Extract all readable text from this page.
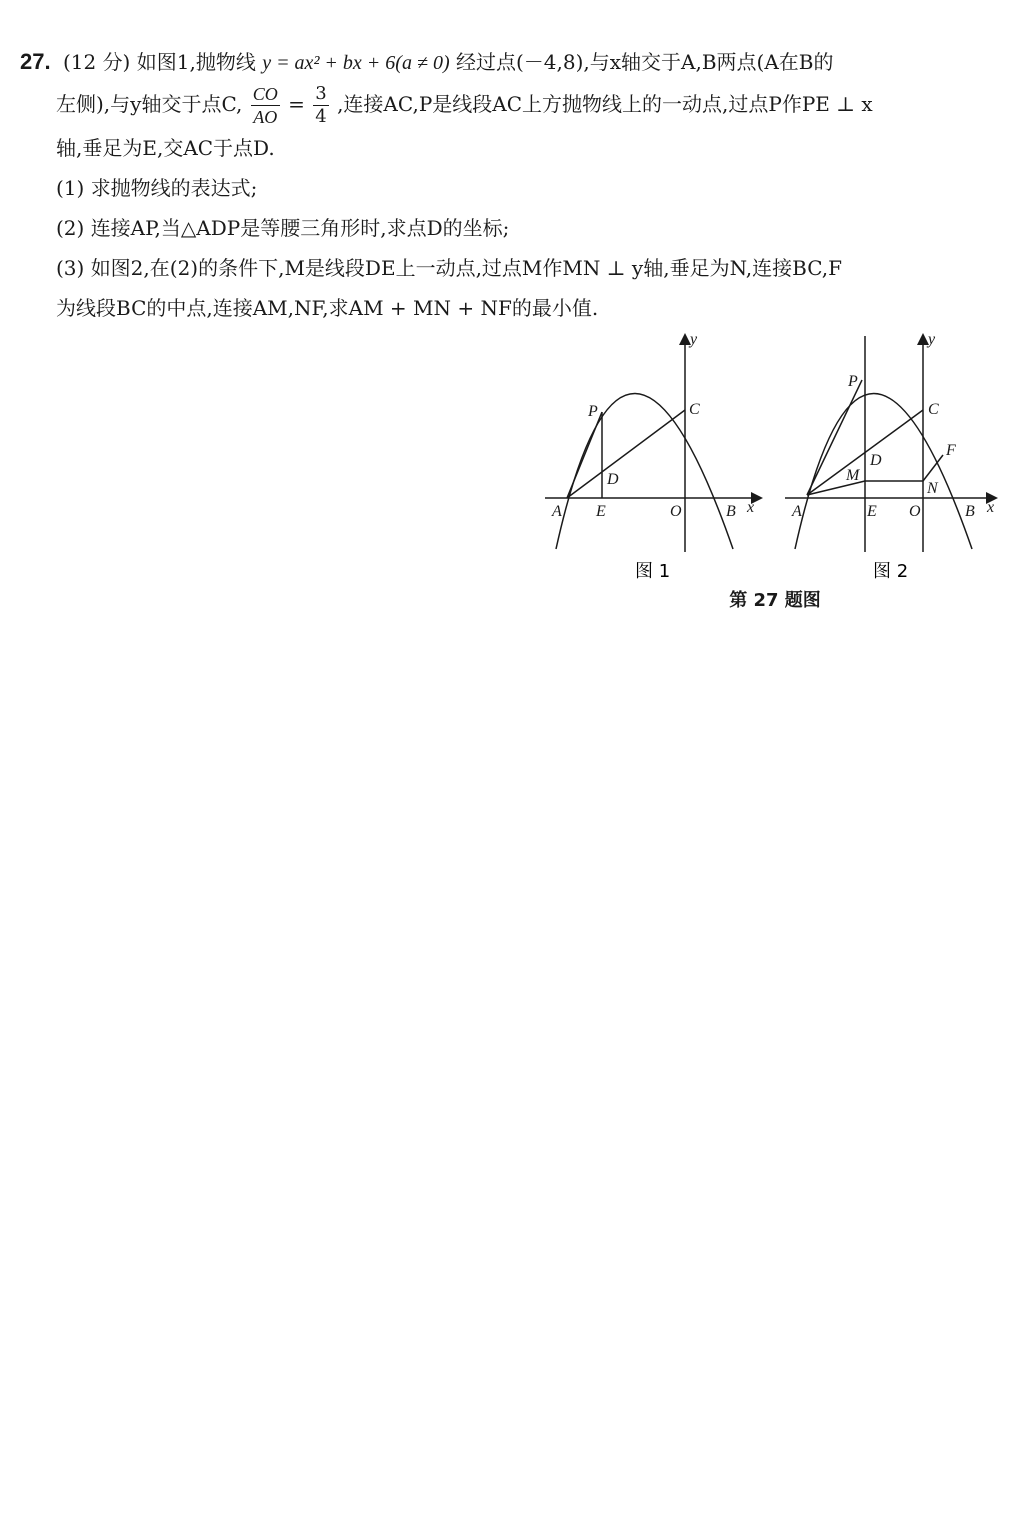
27. (12 分) 如图1,抛物线 y = ax² + bx + 6(a ≠ 0) 经过点(－4,8),与x轴交于A,B两点(A在B的
左侧),与y轴交于点C, $\frac{CO}{AO} = \frac{3}{4}$ ,连接AC,P是线段AC上方抛物线上的一动点,过点P作PE ⊥ x
轴,垂足为E,交AC于点D.
(1) 求抛物线的表达式;
(2) 连接AP,当△ADP是等腰三角形时,求点D的坐标;
(3) 如图2,在(2)的条件下,M是线段DE上一动点,过点M作MN ⊥ y轴,垂足为N,连接BC,F
为线段BC的中点,连接AM,NF,求AM + MN + NF的最小值.
y
x
P	C
D
A E	O	B
图 1
y
x
P
C
D
M
F
N
A	E O	B
图 2
第 27 题图
